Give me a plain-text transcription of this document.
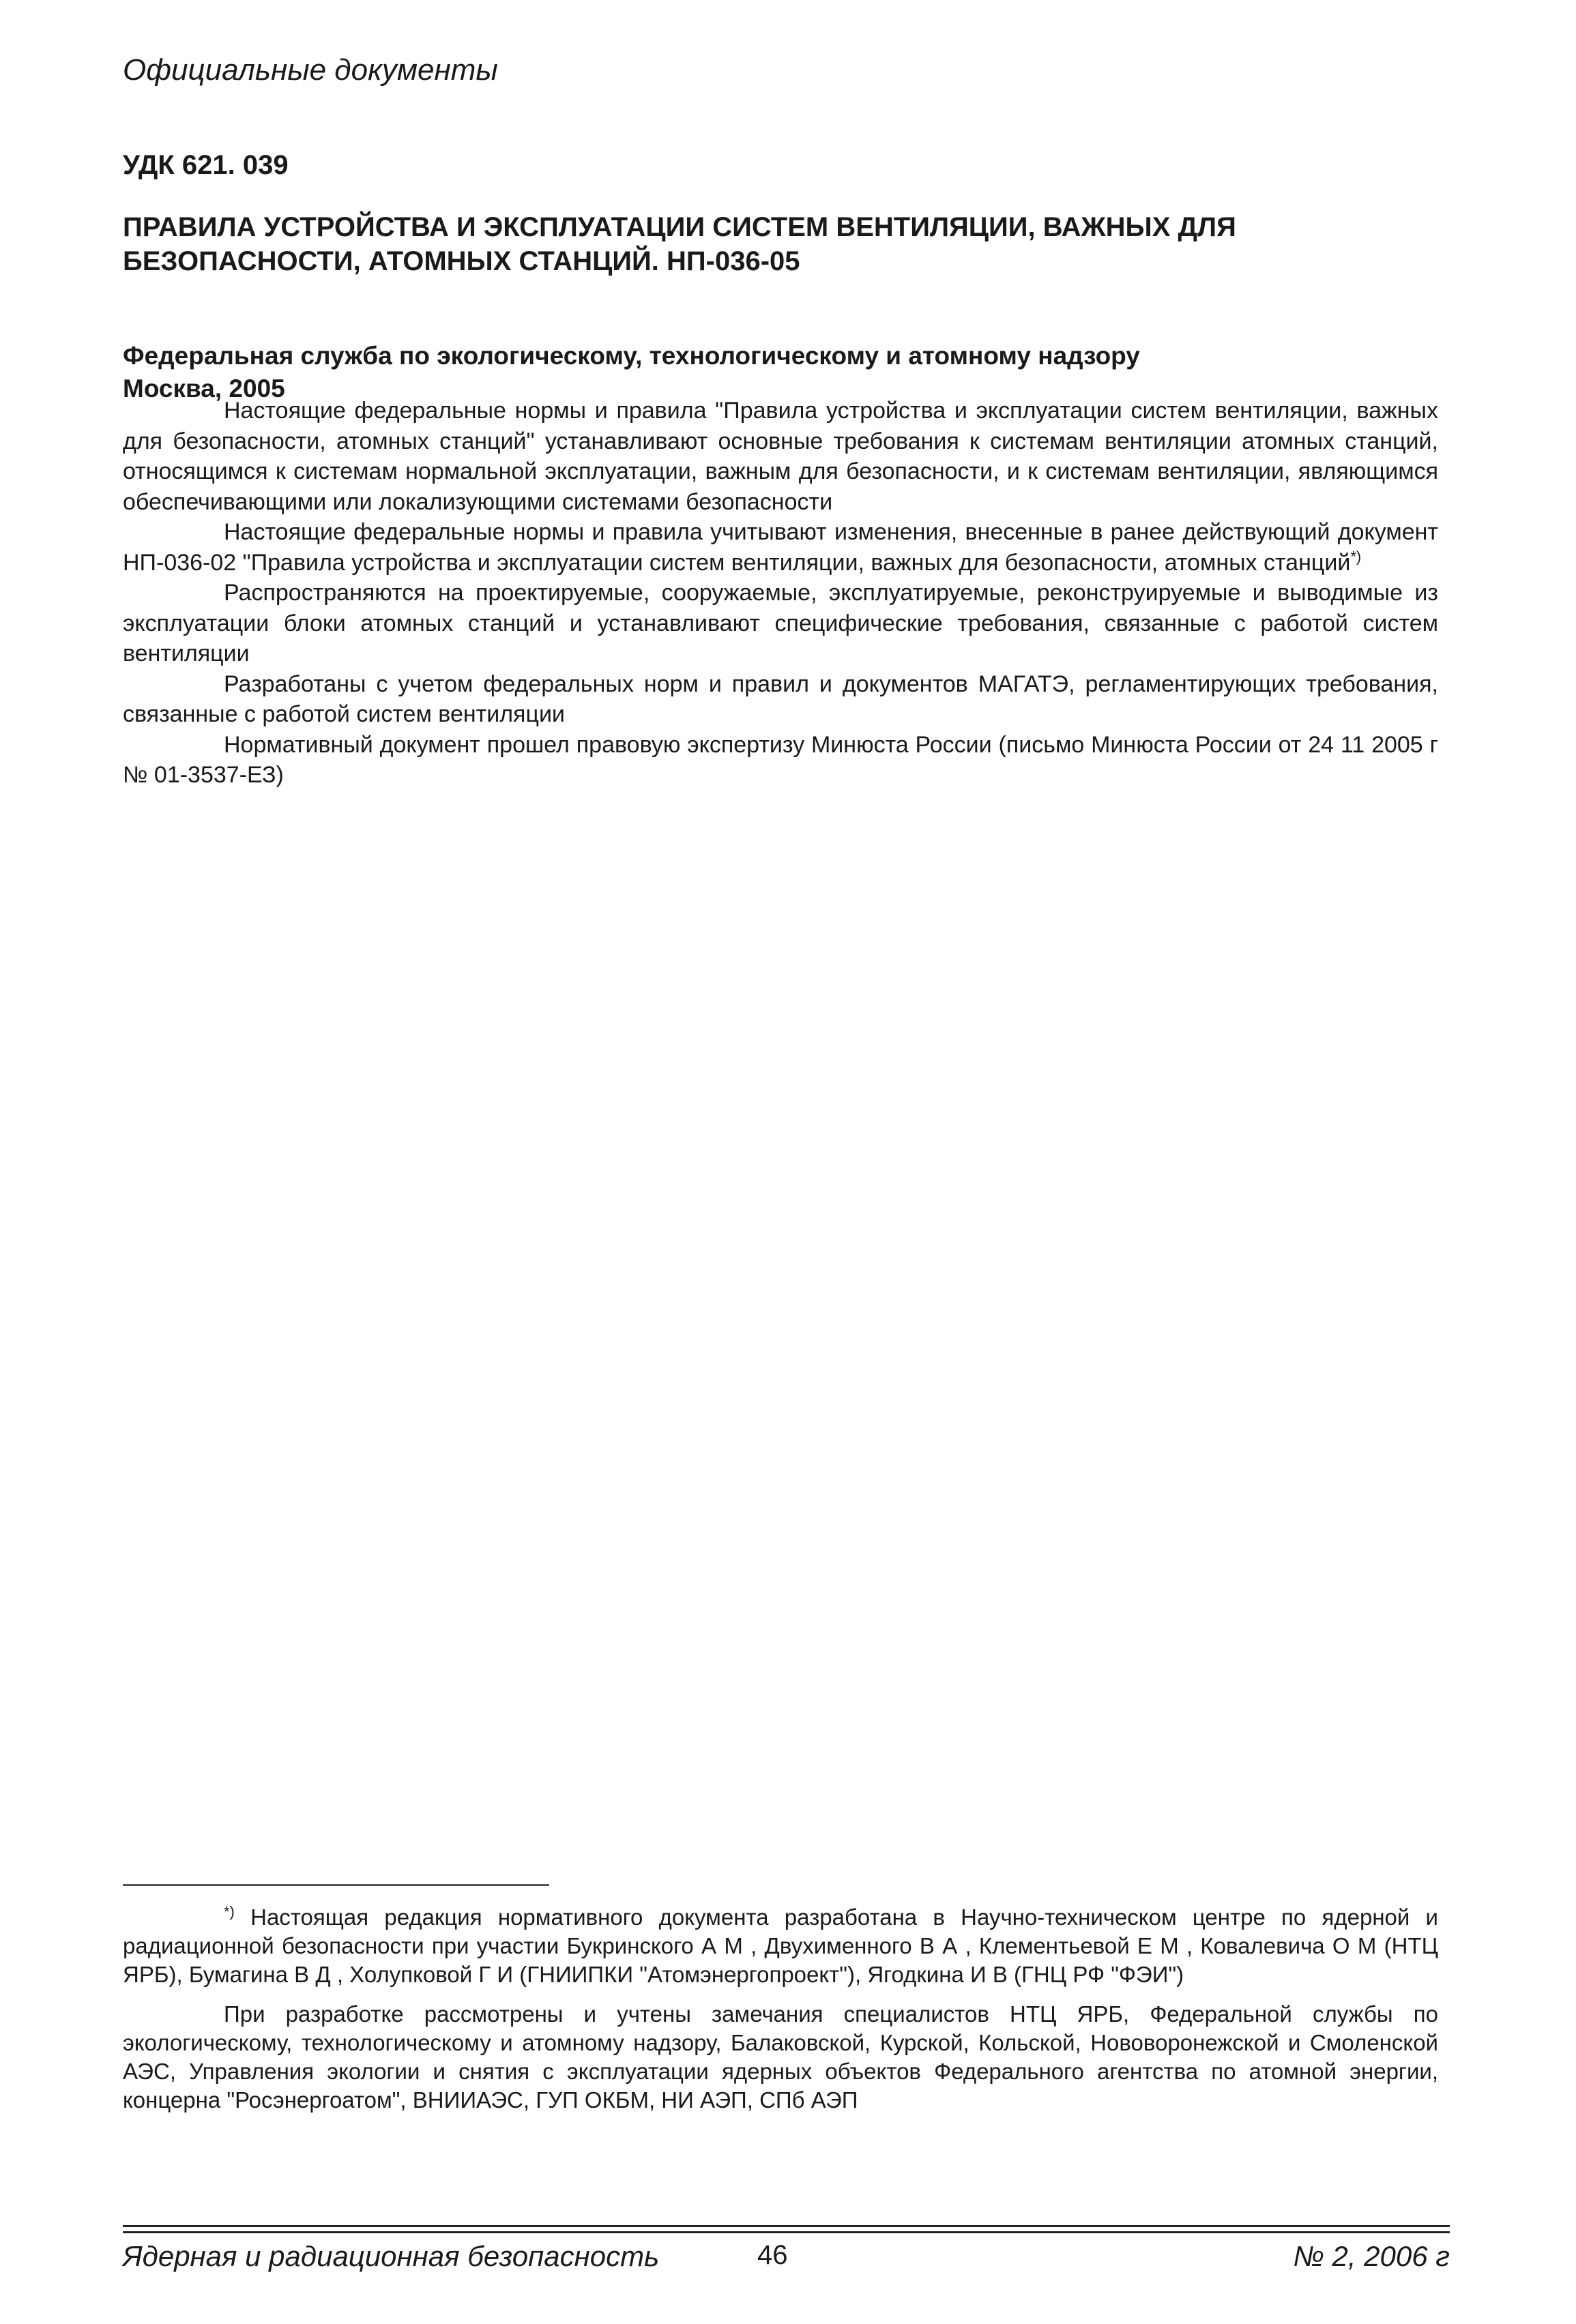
Официальные документы
УДК 621. 039
ПРАВИЛА УСТРОЙСТВА И ЭКСПЛУАТАЦИИ СИСТЕМ ВЕНТИЛЯЦИИ, ВАЖНЫХ ДЛЯ БЕЗОПАСНОСТИ, АТОМНЫХ СТАНЦИЙ. НП-036-05
Федеральная служба по экологическому, технологическому и атомному надзору
Москва, 2005

Настоящие федеральные нормы и правила "Правила устройства и эксплуатации систем вентиляции, важных для безопасности, атомных станций" устанавливают основные требования к системам вентиляции атомных станций, относящимся к системам нормальной эксплуатации, важным для безопасности, и к системам вентиляции, являющимся обеспечивающими или локализующими системами безопасности

Настоящие федеральные нормы и правила учитывают изменения, внесенные в ранее действующий документ НП-036-02 "Правила устройства и эксплуатации систем вентиляции, важных для безопасности, атомных станций*)

Распространяются на проектируемые, сооружаемые, эксплуатируемые, реконструируемые и выводимые из эксплуатации блоки атомных станций и устанавливают специфические требования, связанные с работой систем вентиляции

Разработаны с учетом федеральных норм и правил и документов МАГАТЭ, регламентирующих требования, связанные с работой систем вентиляции

Нормативный документ прошел правовую экспертизу Минюста России (письмо Минюста России от 24 11 2005 г № 01-3537-ЕЗ)

*) Настоящая редакция нормативного документа разработана в Научно-техническом центре по ядерной и радиационной безопасности при участии Букринского А М , Двухименного В А , Клементьевой Е М , Ковалевича О М (НТЦ ЯРБ), Бумагина В Д , Холупковой Г И (ГНИИПКИ "Атомэнергопроект"), Ягодкина И В (ГНЦ РФ "ФЭИ")

При разработке рассмотрены и учтены замечания специалистов НТЦ ЯРБ, Федеральной службы по экологическому, технологическому и атомному надзору, Балаковской, Курской, Кольской, Нововоронежской и Смоленской АЭС, Управления экологии и снятия с эксплуатации ядерных объектов Федерального агентства по атомной энергии, концерна "Росэнергоатом", ВНИИАЭС, ГУП ОКБМ, НИ АЭП, СПб АЭП

Ядерная и радиационная безопасность	46	№ 2, 2006 г
